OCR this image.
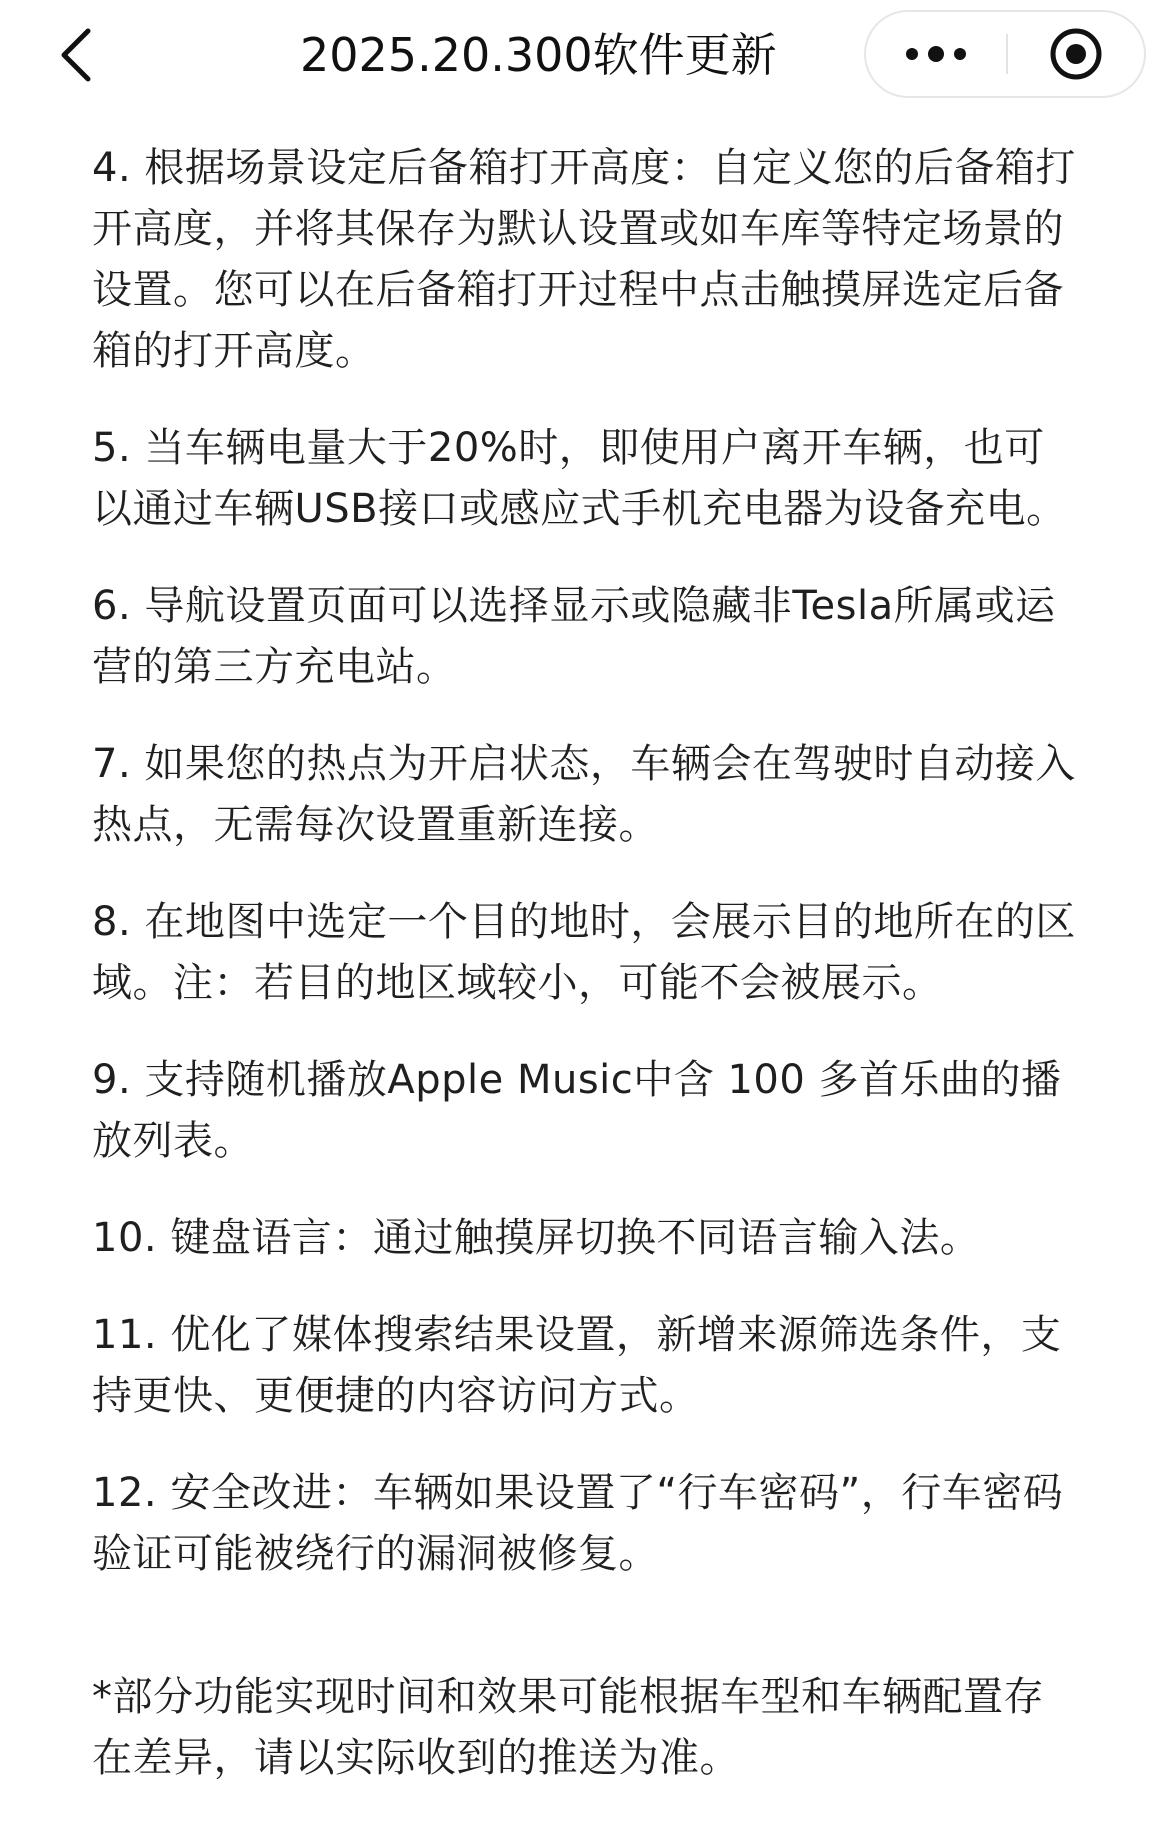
2025.20.300软件更新

4. 根据场景设定后备箱打开高度：自定义您的后备箱打开高度，并将其保存为默认设置或如车库等特定场景的设置。您可以在后备箱打开过程中点击触摸屏选定后备箱的打开高度。

5. 当车辆电量大于20%时，即使用户离开车辆，也可以通过车辆USB接口或感应式手机充电器为设备充电。

6. 导航设置页面可以选择显示或隐藏非Tesla所属或运营的第三方充电站。

7. 如果您的热点为开启状态，车辆会在驾驶时自动接入热点，无需每次设置重新连接。

8. 在地图中选定一个目的地时，会展示目的地所在的区域。注：若目的地区域较小，可能不会被展示。

9. 支持随机播放Apple Music中含 100 多首乐曲的播放列表。

10. 键盘语言：通过触摸屏切换不同语言输入法。

11. 优化了媒体搜索结果设置，新增来源筛选条件，支持更快、更便捷的内容访问方式。

12. 安全改进：车辆如果设置了“行车密码”，行车密码验证可能被绕行的漏洞被修复。

*部分功能实现时间和效果可能根据车型和车辆配置存在差异，请以实际收到的推送为准。
